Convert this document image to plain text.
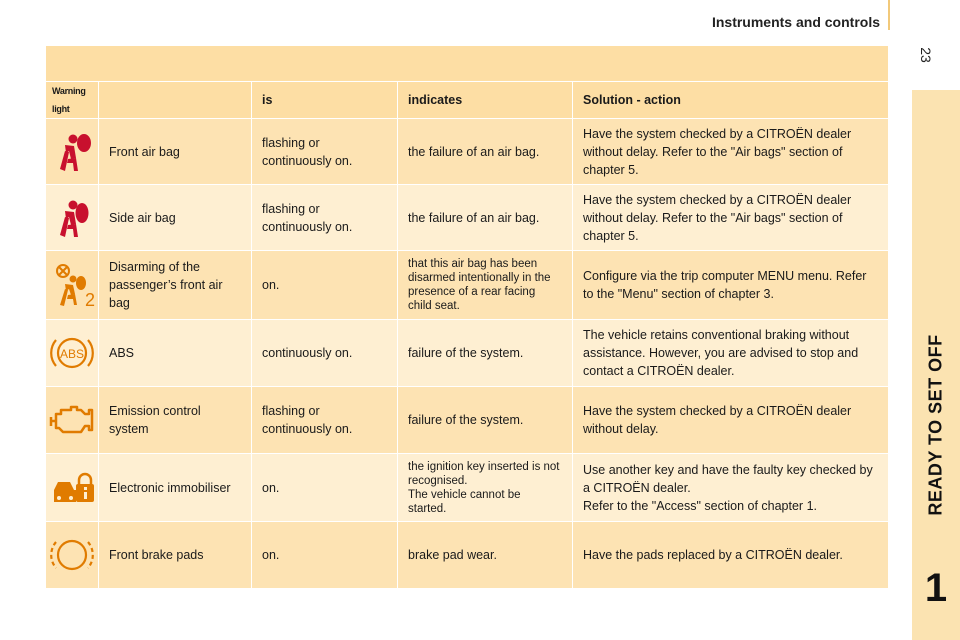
Instruments and controls
23
READY TO SET OFF
1

Warning light		is	indicates	Solution - action

	Front air bag	flashing or continuously on.	the failure of an air bag.	Have the system checked by a CITROËN dealer without delay. Refer to the "Air bags" section of chapter 5.

	Side air bag	flashing or continuously on.	the failure of an air bag.	Have the system checked by a CITROËN dealer without delay. Refer to the "Air bags" section of chapter 5.

2	Disarming of the passenger’s front air bag	on.	that this air bag has been disarmed intentionally in the presence of a rear facing child seat.	Configure via the trip computer MENU menu. Refer to the "Menu" section of chapter 3.

ABS	ABS	continuously on.	failure of the system.	The vehicle retains conventional braking without assistance. However, you are advised to stop and contact a CITROËN dealer.

	Emission control system	flashing or continuously on.	failure of the system.	Have the system checked by a CITROËN dealer without delay.

	Electronic immobiliser	on.	the ignition key inserted is not recognised.
The vehicle cannot be started.	Use another key and have the faulty key checked by a CITROËN dealer.
Refer to the "Access" section of chapter 1.

	Front brake pads	on.	brake pad wear.	Have the pads replaced by a CITROËN dealer.
